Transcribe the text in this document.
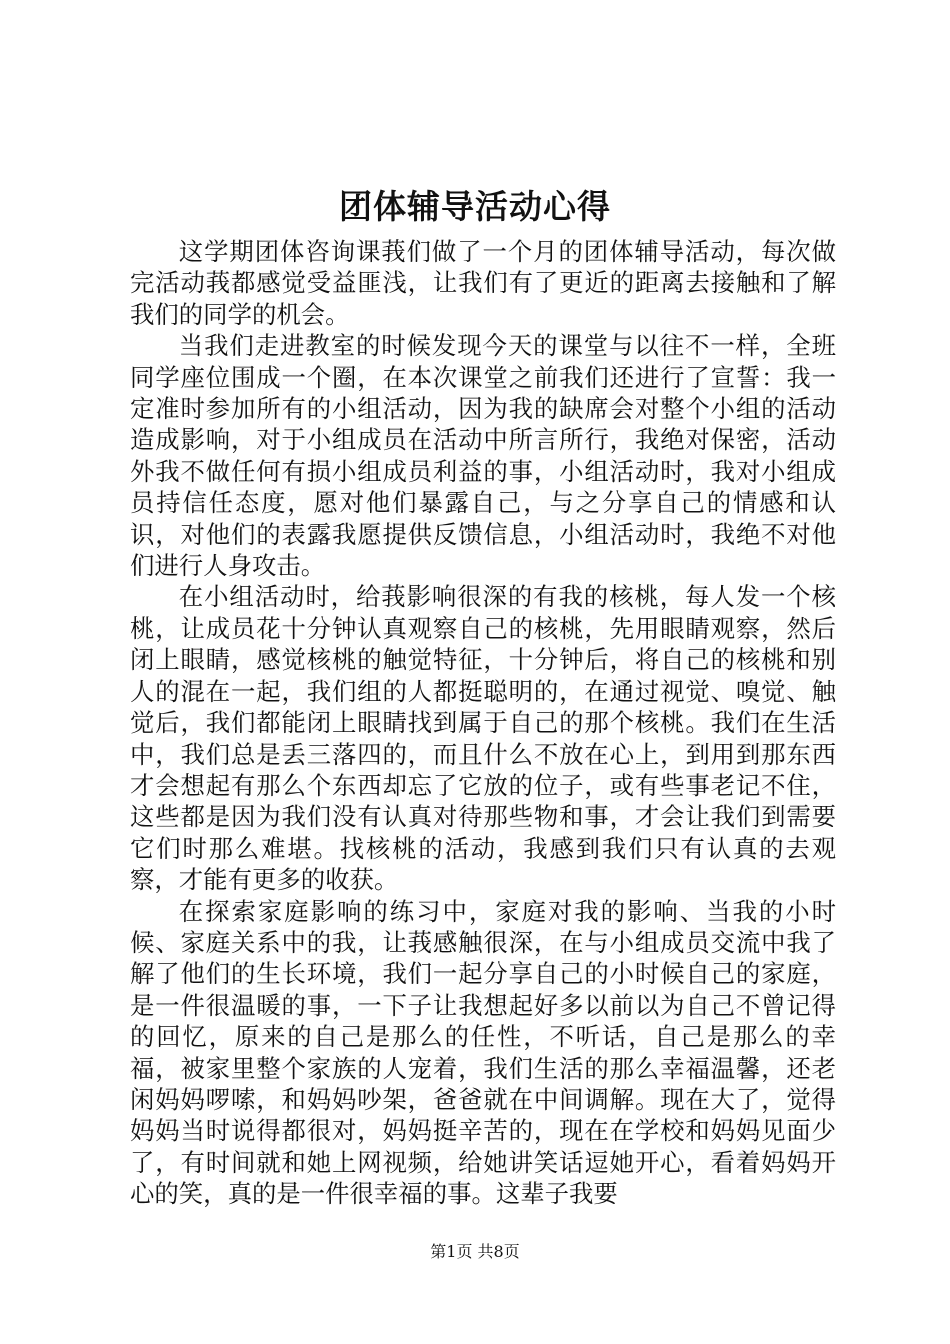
团体辅导活动心得

这学期团体咨询课莪们做了一个月的团体辅导活动，每次做完活动莪都感觉受益匪浅，让我们有了更近的距离去接触和了解我们的同学的机会。

当我们走进教室的时候发现今天的课堂与以往不一样，全班同学座位围成一个圈，在本次课堂之前我们还进行了宣誓：我一定准时参加所有的小组活动，因为我的缺席会对整个小组的活动造成影响，对于小组成员在活动中所言所行，我绝对保密，活动外我不做任何有损小组成员利益的事，小组活动时，我对小组成员持信任态度，愿对他们暴露自己，与之分享自己的情感和认识，对他们的表露我愿提供反馈信息，小组活动时，我绝不对他们进行人身攻击。

在小组活动时，给莪影响很深的有我的核桃，每人发一个核桃，让成员花十分钟认真观察自己的核桃，先用眼睛观察，然后闭上眼睛，感觉核桃的触觉特征，十分钟后，将自己的核桃和别人的混在一起，我们组的人都挺聪明的，在通过视觉、嗅觉、触觉后，我们都能闭上眼睛找到属于自己的那个核桃。我们在生活中，我们总是丢三落四的，而且什么不放在心上，到用到那东西才会想起有那么个东西却忘了它放的位子，或有些事老记不住，这些都是因为我们没有认真对待那些物和事，才会让我们到需要它们时那么难堪。找核桃的活动，我感到我们只有认真的去观察，才能有更多的收获。

在探索家庭影响的练习中，家庭对我的影响、当我的小时候、家庭关系中的我，让莪感触很深，在与小组成员交流中我了解了他们的生长环境，我们一起分享自己的小时候自己的家庭，是一件很温暖的事，一下子让我想起好多以前以为自己不曾记得的回忆，原来的自己是那么的任性，不听话，自己是那么的幸福，被家里整个家族的人宠着，我们生活的那么幸福温馨，还老闲妈妈啰嗦，和妈妈吵架，爸爸就在中间调解。现在大了，觉得妈妈当时说得都很对，妈妈挺辛苦的，现在在学校和妈妈见面少了，有时间就和她上网视频，给她讲笑话逗她开心，看着妈妈开心的笑，真的是一件很幸福的事。这辈子我要

第1页 共8页
